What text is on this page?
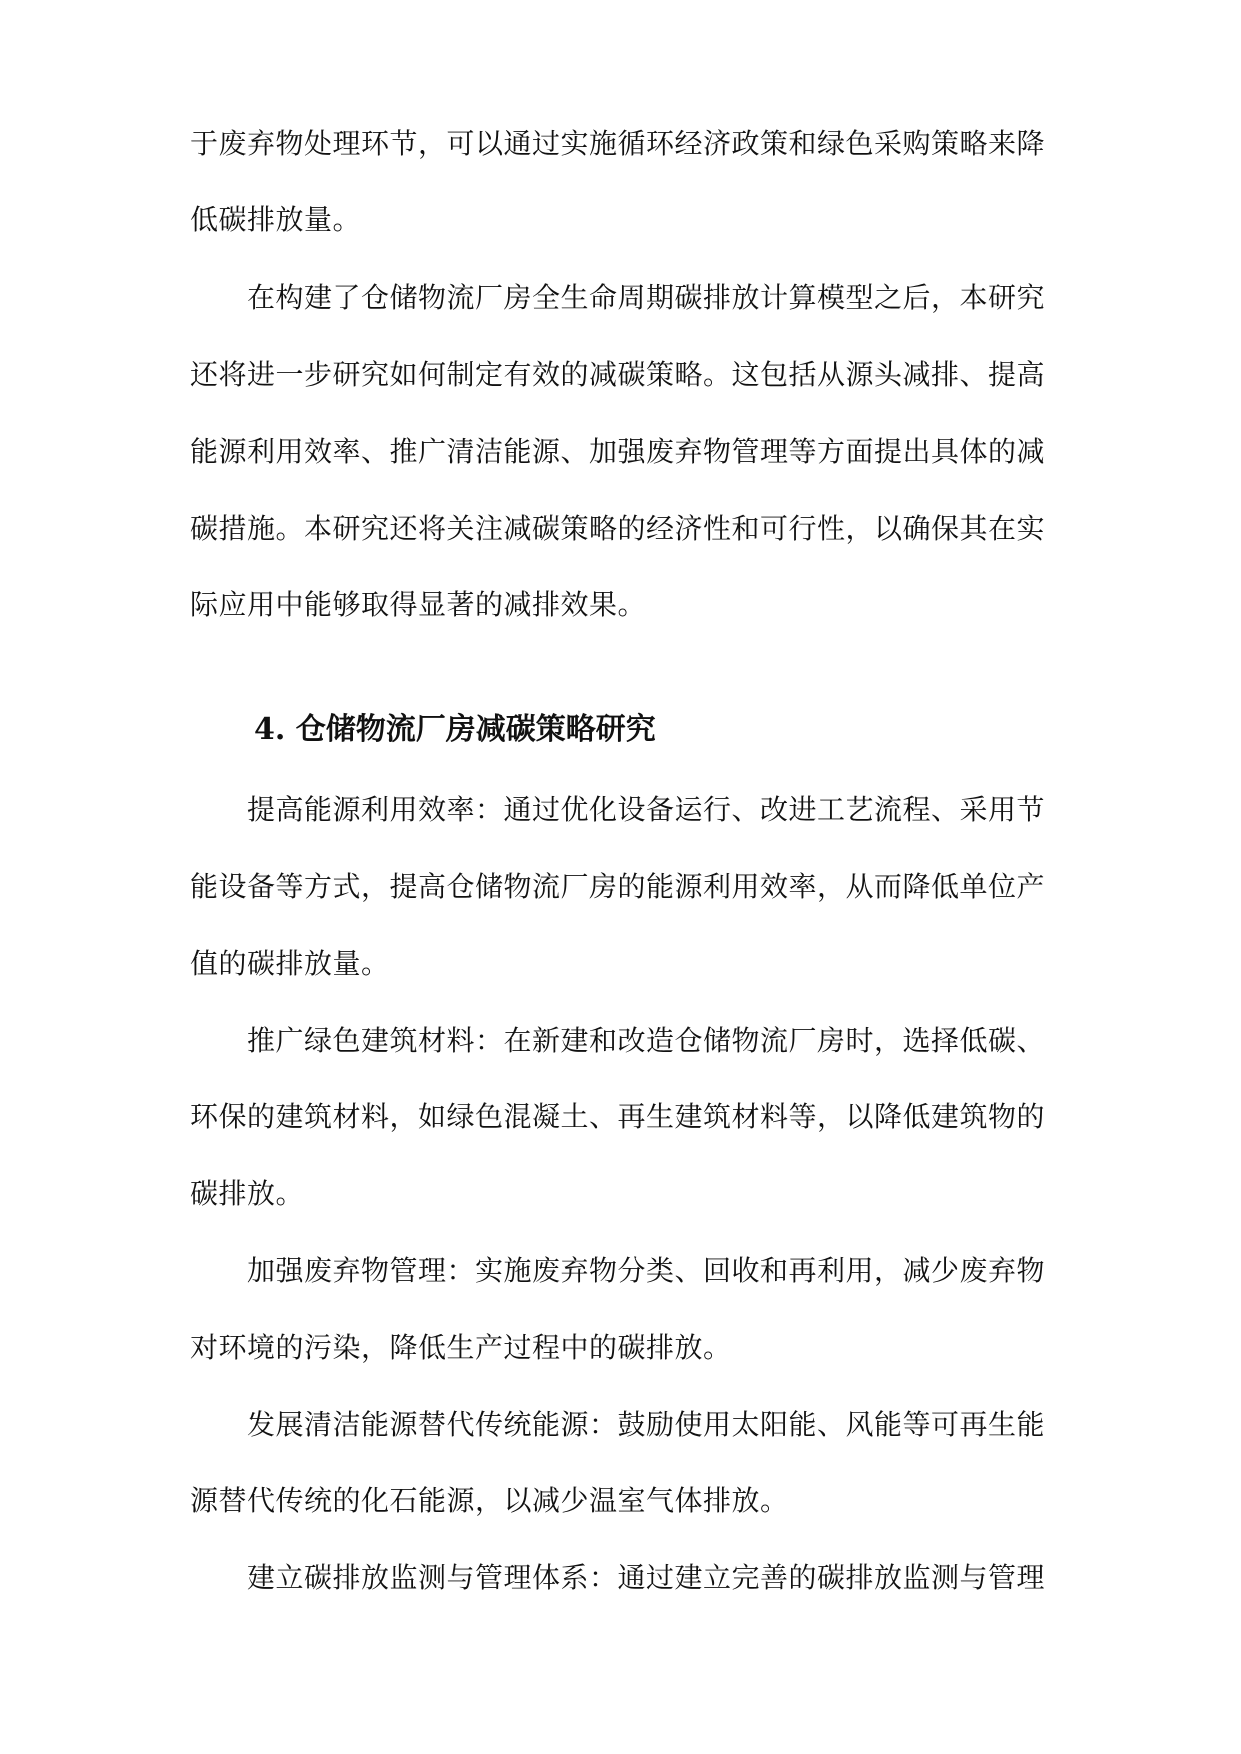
于废弃物处理环节，可以通过实施循环经济政策和绿色采购策略来降
低碳排放量。
在构建了仓储物流厂房全生命周期碳排放计算模型之后，本研究
还将进一步研究如何制定有效的减碳策略。这包括从源头减排、提高
能源利用效率、推广清洁能源、加强废弃物管理等方面提出具体的减
碳措施。本研究还将关注减碳策略的经济性和可行性，以确保其在实
际应用中能够取得显著的减排效果。
4. 仓储物流厂房减碳策略研究
提高能源利用效率：通过优化设备运行、改进工艺流程、采用节
能设备等方式，提高仓储物流厂房的能源利用效率，从而降低单位产
值的碳排放量。
推广绿色建筑材料：在新建和改造仓储物流厂房时，选择低碳、
环保的建筑材料，如绿色混凝土、再生建筑材料等，以降低建筑物的
碳排放。
加强废弃物管理：实施废弃物分类、回收和再利用，减少废弃物
对环境的污染，降低生产过程中的碳排放。
发展清洁能源替代传统能源：鼓励使用太阳能、风能等可再生能
源替代传统的化石能源，以减少温室气体排放。
建立碳排放监测与管理体系：通过建立完善的碳排放监测与管理
